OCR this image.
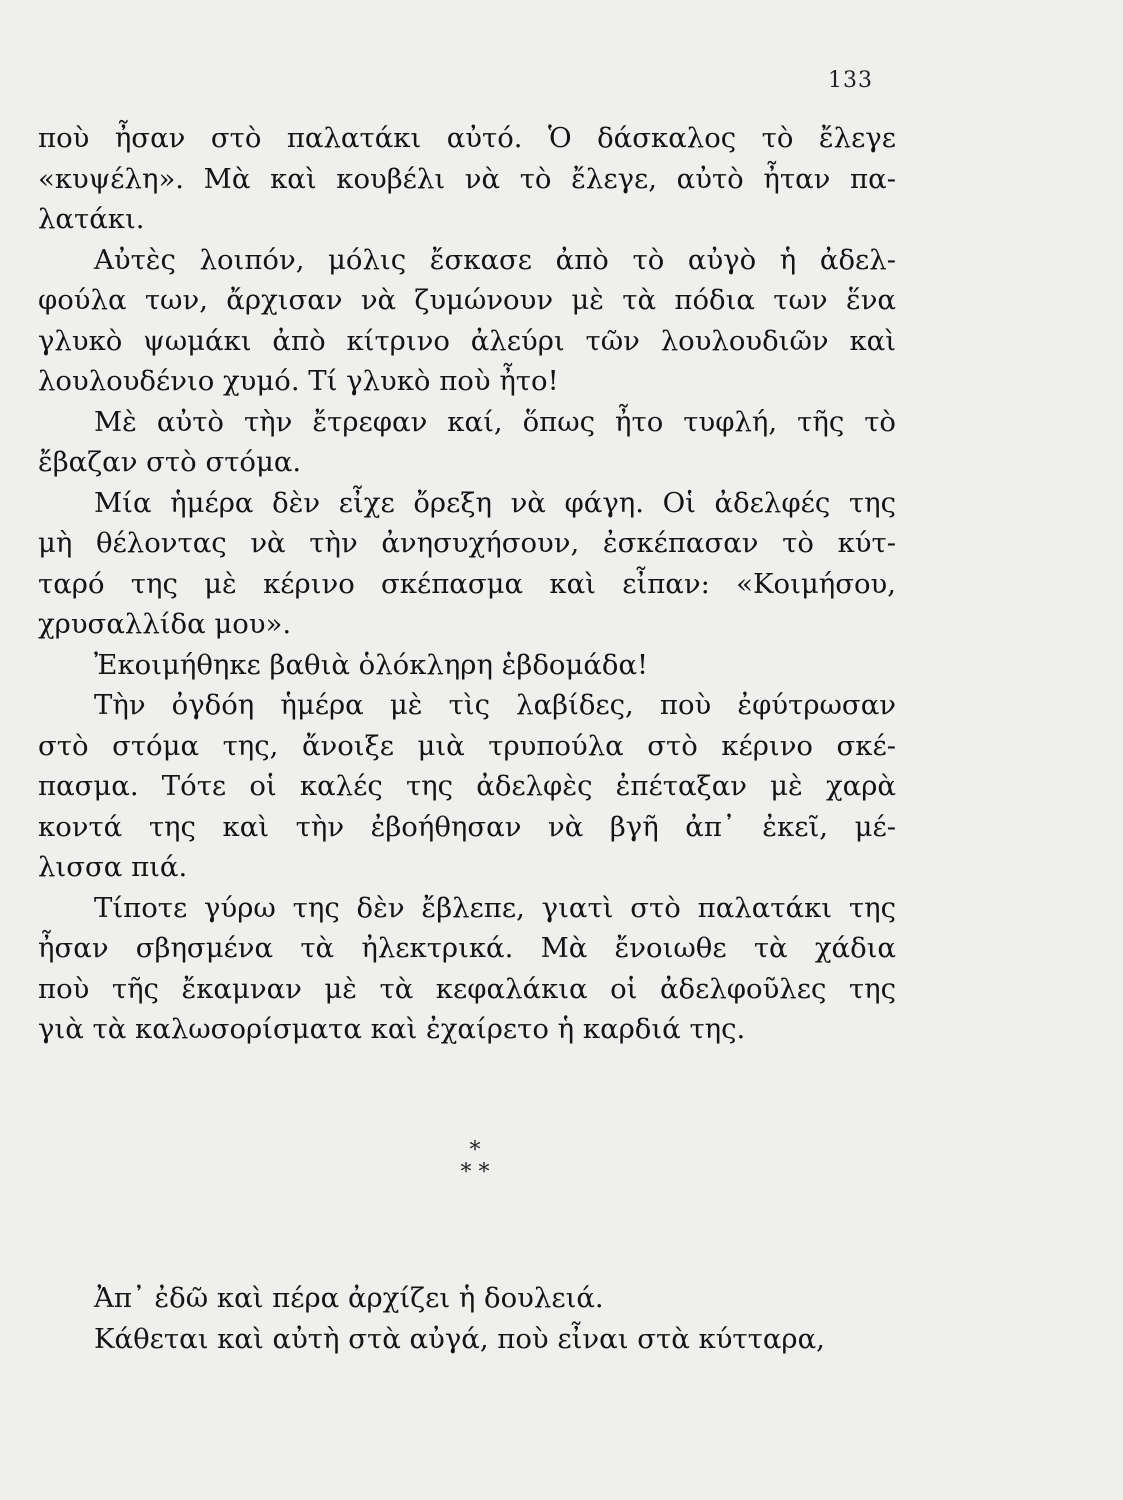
133
ποὺ ἦσαν στὸ παλατάκι αὐτό. Ὁ δάσκαλος τὸ ἔλεγε
«κυψέλη». Μὰ καὶ κουβέλι νὰ τὸ ἔλεγε, αὐτὸ ἦταν πα-
λατάκι.
Αὐτὲς λοιπόν, μόλις ἔσκασε ἀπὸ τὸ αὐγὸ ἡ ἀδελ-
φούλα των, ἄρχισαν νὰ ζυμώνουν μὲ τὰ πόδια των ἕνα
γλυκὸ ψωμάκι ἀπὸ κίτρινο ἀλεύρι τῶν λουλουδιῶν καὶ
λουλουδένιο χυμό. Τί γλυκὸ ποὺ ἦτο!
Μὲ αὐτὸ τὴν ἔτρεφαν καί, ὅπως ἦτο τυφλή, τῆς τὸ
ἔβαζαν στὸ στόμα.
Μία ἡμέρα δὲν εἶχε ὄρεξη νὰ φάγη. Οἱ ἀδελφές της
μὴ θέλοντας νὰ τὴν ἀνησυχήσουν, ἐσκέπασαν τὸ κύτ-
ταρό της μὲ κέρινο σκέπασμα καὶ εἶπαν: «Κοιμήσου,
χρυσαλλίδα μου».
Ἐκοιμήθηκε βαθιὰ ὁλόκληρη ἑβδομάδα!
Τὴν ὀγδόη ἡμέρα μὲ τὶς λαβίδες, ποὺ ἐφύτρωσαν
στὸ στόμα της, ἄνοιξε μιὰ τρυπούλα στὸ κέρινο σκέ-
πασμα. Τότε οἱ καλές της ἀδελφὲς ἐπέταξαν μὲ χαρὰ
κοντά της καὶ τὴν ἐβοήθησαν νὰ βγῆ ἀπ᾿ ἐκεῖ, μέ-
λισσα πιά.
Τίποτε γύρω της δὲν ἔβλεπε, γιατὶ στὸ παλατάκι της
ἦσαν σβησμένα τὰ ἠλεκτρικά. Μὰ ἔνοιωθε τὰ χάδια
ποὺ τῆς ἔκαμναν μὲ τὰ κεφαλάκια οἱ ἀδελφοῦλες της
γιὰ τὰ καλωσορίσματα καὶ ἐχαίρετο ἡ καρδιά της.
*
* *
Ἀπ᾿ ἐδῶ καὶ πέρα ἀρχίζει ἡ δουλειά.
Κάθεται καὶ αὐτὴ στὰ αὐγά, ποὺ εἶναι στὰ κύτταρα,
